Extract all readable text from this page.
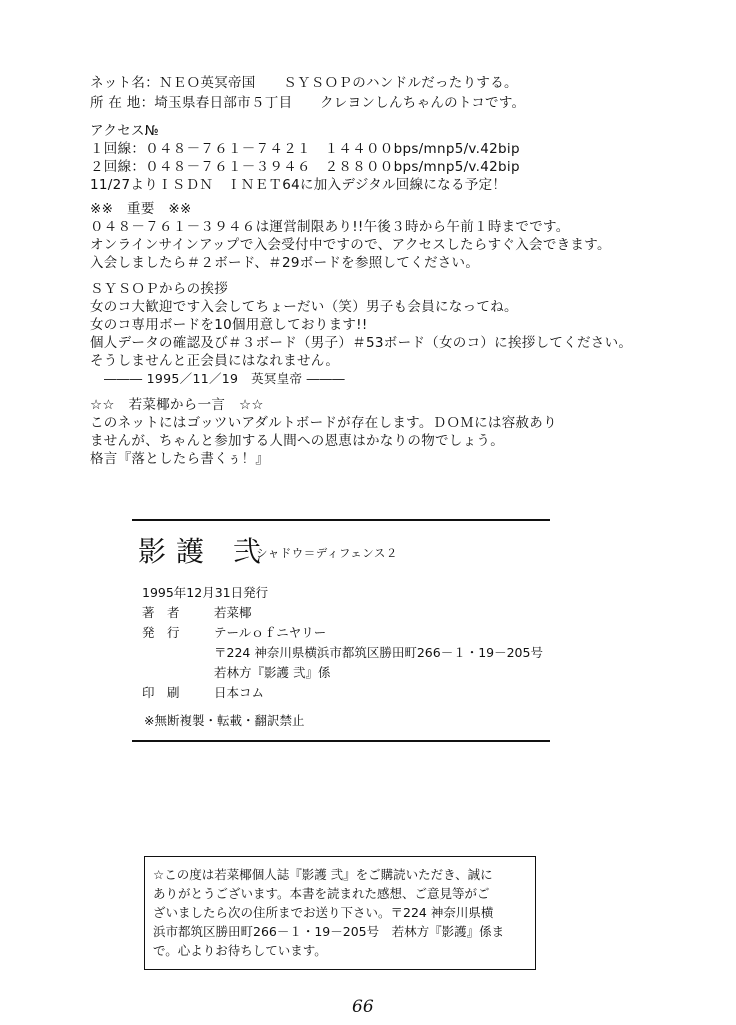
ネット名：ＮＥＯ英冥帝国　　ＳＹＳＯＰのハンドルだったりする。
所 在 地：埼玉県春日部市５丁目　　クレヨンしんちゃんのトコです。
アクセス№
１回線：０４８－７６１－７４２１　１４４００bps/mnp5/v.42bip
２回線：０４８－７６１－３９４６　２８８００bps/mnp5/v.42bip
11/27よりＩＳＤＮ　ＩＮＥＴ64に加入デジタル回線になる予定！
※※　重要　※※
０４８－７６１－３９４６は運営制限あり!!午後３時から午前１時までです。
オンラインサインアップで入会受付中ですので、アクセスしたらすぐ入会できます。
入会しましたら＃２ボード、＃29ボードを参照してください。
ＳＹＳＯＰからの挨拶
女のコ大歓迎です入会してちょーだい（笑）男子も会員になってね。
女のコ専用ボードを10個用意しております!!
個人データの確認及び＃３ボード（男子）＃53ボード（女のコ）に挨拶してください。
そうしませんと正会員にはなれません。
――― 1995／11／19　英冥皇帝 ―――
☆☆　若菜椰から一言　☆☆
このネットにはゴッツいアダルトボードが存在します。ＤＯＭには容赦あり
ませんが、ちゃんと参加する人間への恩恵はかなりの物でしょう。
格言『落としたら書くぅ！』
影護 弐
シャドウ＝ディフェンス２
1995年12月31日発行
著　者	若菜椰
発　行	テールｏｆニヤリー
〒224 神奈川県横浜市都筑区勝田町266－１・19－205号
若林方『影護 弐』係
印　刷	日本コム
※無断複製・転載・翻訳禁止
☆この度は若菜椰個人誌『影護 弐』をご購読いただき、誠に
ありがとうございます。本書を読まれた感想、ご意見等がご
ざいましたら次の住所までお送り下さい。〒224 神奈川県横
浜市都筑区勝田町266－１・19－205号　若林方『影護』係ま
で。心よりお待ちしています。
66
